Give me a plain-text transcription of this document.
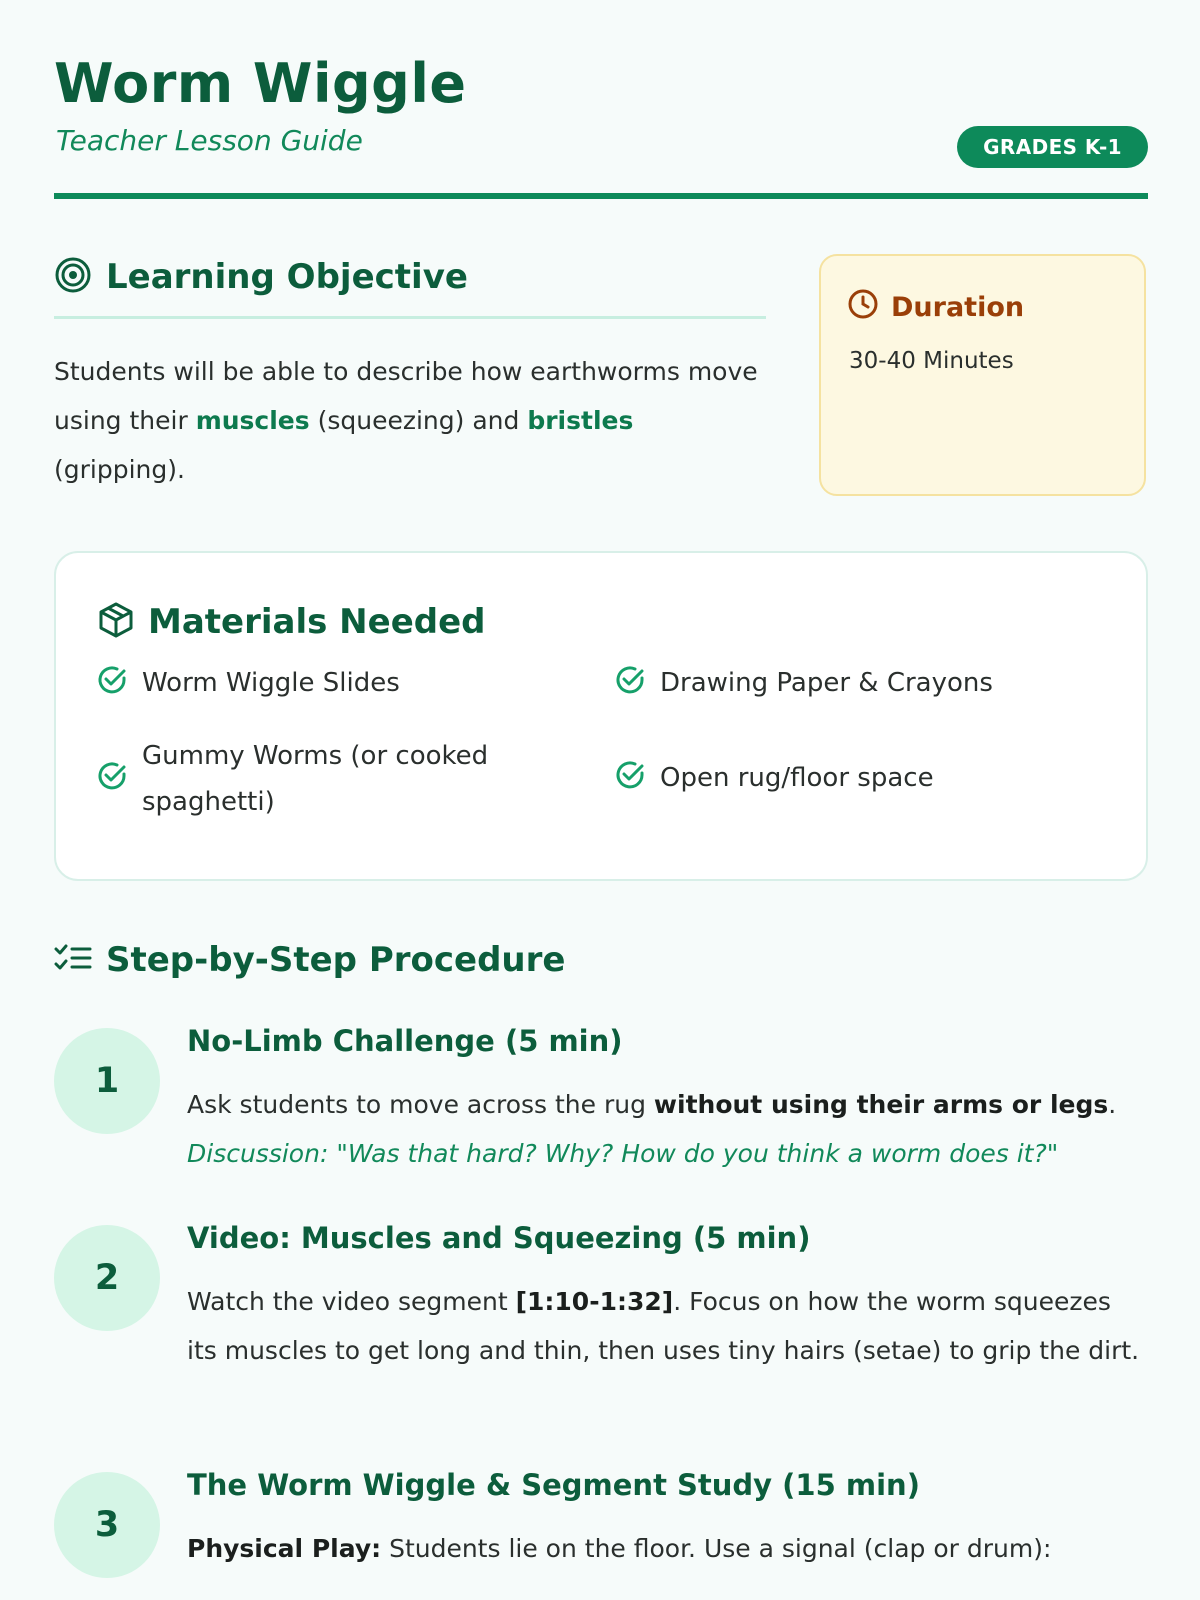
Worm Wiggle
Teacher Lesson Guide	GRADES K-1
Learning Objective
Students will be able to describe how earthworms move using their muscles (squeezing) and bristles (gripping).
Duration
30-40 Minutes
Materials Needed
Worm Wiggle Slides	Drawing Paper & Crayons
Gummy Worms (or cooked spaghetti)
Open rug/floor space
Step-by-Step Procedure
1
No-Limb Challenge (5 min)
Ask students to move across the rug without using their arms or legs.
Discussion: "Was that hard? Why? How do you think a worm does it?"
2
Video: Muscles and Squeezing (5 min)
Watch the video segment [1:10-1:32]. Focus on how the worm squeezes its muscles to get long and thin, then uses tiny hairs (setae) to grip the dirt.
3
The Worm Wiggle & Segment Study (15 min)
Physical Play: Students lie on the floor. Use a signal (clap or drum):
